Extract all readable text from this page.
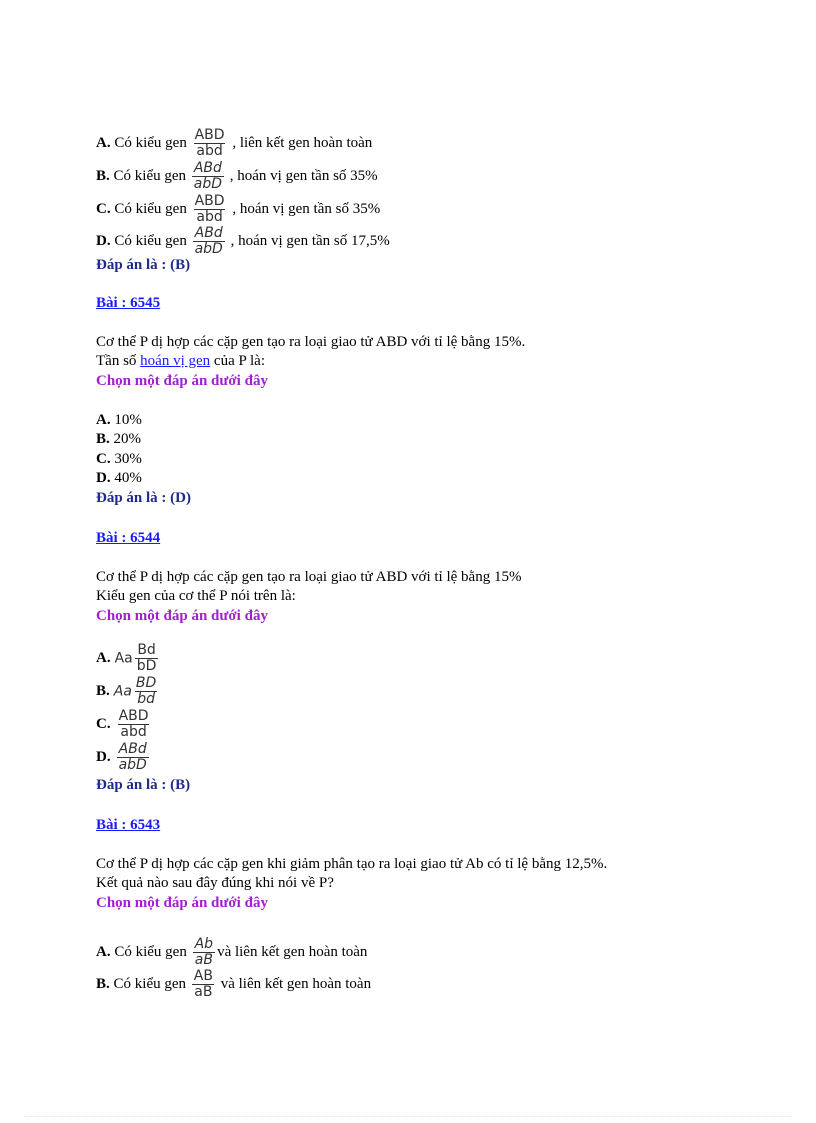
A. Có kiểu gen $\frac{\text{ABD}}{\text{abd}}$ , liên kết gen hoàn toàn
B. Có kiểu gen $\frac{\text{ABd}}{\text{abD}}$ , hoán vị gen tần số 35%
C. Có kiểu gen $\frac{\text{ABD}}{\text{abd}}$ , hoán vị gen tần số 35%
D. Có kiểu gen $\frac{\text{ABd}}{\text{abD}}$ , hoán vị gen tần số 17,5%
Đáp án là : (B)
Bài : 6545
Cơ thể P dị hợp các cặp gen tạo ra loại giao tử ABD với tỉ lệ bằng 15%.
Tần số hoán vị gen của P là:
Chọn một đáp án dưới đây
A. 10%
B. 20%
C. 30%
D. 40%
Đáp án là : (D)
Bài : 6544
Cơ thể P dị hợp các cặp gen tạo ra loại giao tử ABD với tỉ lệ bằng 15%
Kiểu gen của cơ thể P nói trên là:
Chọn một đáp án dưới đây
A. Aa $\frac{Bd}{bD}$
B. Aa $\frac{BD}{bd}$
C. $\frac{\text{ABD}}{\text{abd}}$
D. $\frac{\text{ABd}}{\text{abD}}$
Đáp án là : (B)
Bài : 6543
Cơ thể P dị hợp các cặp gen khi giảm phân tạo ra loại giao tử Ab có tỉ lệ bằng 12,5%.
Kết quả nào sau đây đúng khi nói về P?
Chọn một đáp án dưới đây
A. Có kiểu gen $\frac{Ab}{aB}$ và liên kết gen hoàn toàn
B. Có kiểu gen $\frac{AB}{aB}$ và liên kết gen hoàn toàn
